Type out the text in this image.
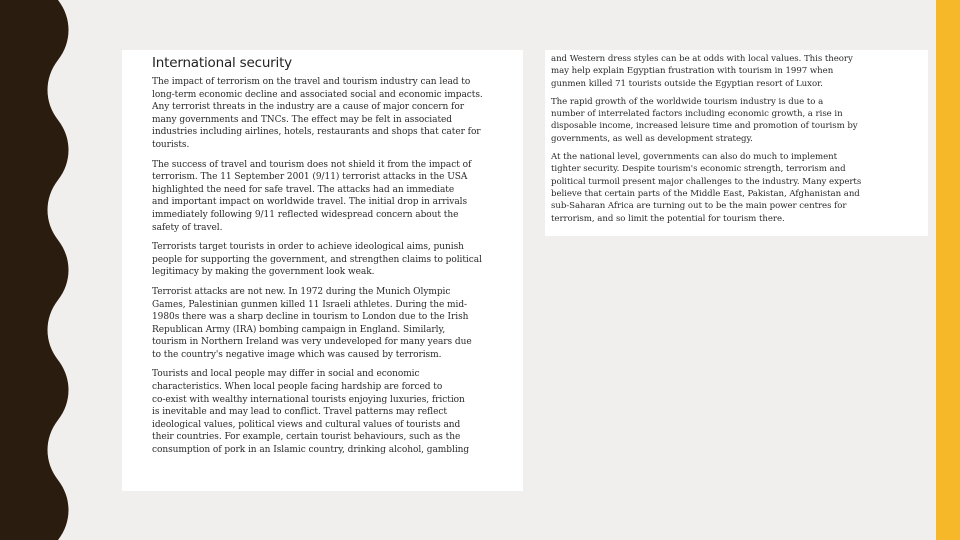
International security
The impact of terrorism on the travel and tourism industry can lead to
long-term economic decline and associated social and economic impacts.
Any terrorist threats in the industry are a cause of major concern for
many governments and TNCs. The effect may be felt in associated
industries including airlines, hotels, restaurants and shops that cater for
tourists.
The success of travel and tourism does not shield it from the impact of
terrorism. The 11 September 2001 (9/11) terrorist attacks in the USA
highlighted the need for safe travel. The attacks had an immediate
and important impact on worldwide travel. The initial drop in arrivals
immediately following 9/11 reflected widespread concern about the
safety of travel.
Terrorists target tourists in order to achieve ideological aims, punish
people for supporting the government, and strengthen claims to political
legitimacy by making the government look weak.
Terrorist attacks are not new. In 1972 during the Munich Olympic
Games, Palestinian gunmen killed 11 Israeli athletes. During the mid-
1980s there was a sharp decline in tourism to London due to the Irish
Republican Army (IRA) bombing campaign in England. Similarly,
tourism in Northern Ireland was very undeveloped for many years due
to the country's negative image which was caused by terrorism.
Tourists and local people may differ in social and economic
characteristics. When local people facing hardship are forced to
co-exist with wealthy international tourists enjoying luxuries, friction
is inevitable and may lead to conflict. Travel patterns may reflect
ideological values, political views and cultural values of tourists and
their countries. For example, certain tourist behaviours, such as the
consumption of pork in an Islamic country, drinking alcohol, gambling
and Western dress styles can be at odds with local values. This theory
may help explain Egyptian frustration with tourism in 1997 when
gunmen killed 71 tourists outside the Egyptian resort of Luxor.
The rapid growth of the worldwide tourism industry is due to a
number of interrelated factors including economic growth, a rise in
disposable income, increased leisure time and promotion of tourism by
governments, as well as development strategy.
At the national level, governments can also do much to implement
tighter security. Despite tourism's economic strength, terrorism and
political turmoil present major challenges to the industry. Many experts
believe that certain parts of the Middle East, Pakistan, Afghanistan and
sub-Saharan Africa are turning out to be the main power centres for
terrorism, and so limit the potential for tourism there.
